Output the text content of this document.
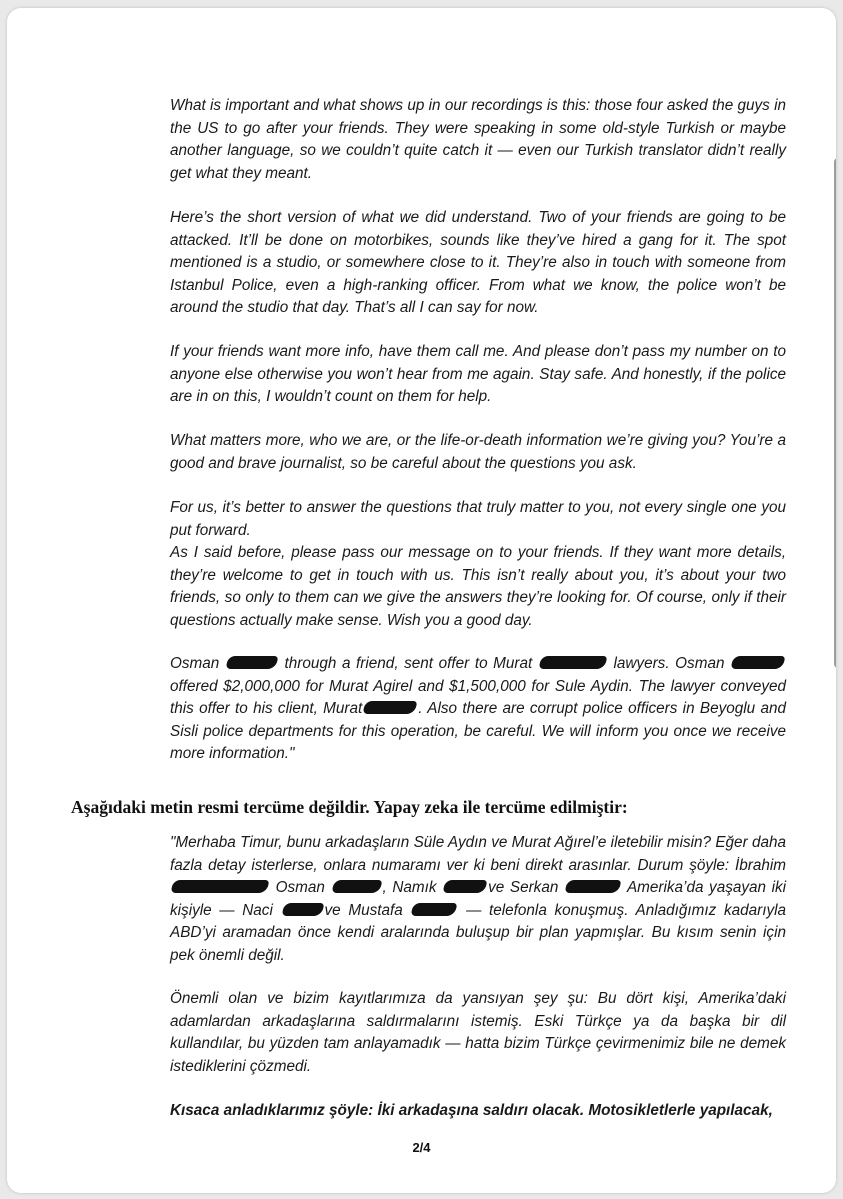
What is important and what shows up in our recordings is this: those four asked the guys in the US to go after your friends. They were speaking in some old-style Turkish or maybe another language, so we couldn’t quite catch it — even our Turkish translator didn’t really get what they meant.

Here’s the short version of what we did understand. Two of your friends are going to be attacked. It’ll be done on motorbikes, sounds like they’ve hired a gang for it. The spot mentioned is a studio, or somewhere close to it. They’re also in touch with someone from Istanbul Police, even a high-ranking officer. From what we know, the police won’t be around the studio that day. That’s all I can say for now.

If your friends want more info, have them call me. And please don’t pass my number on to anyone else otherwise you won’t hear from me again. Stay safe. And honestly, if the police are in on this, I wouldn’t count on them for help.

What matters more, who we are, or the life-or-death information we’re giving you? You’re a good and brave journalist, so be careful about the questions you ask.

For us, it’s better to answer the questions that truly matter to you, not every single one you put forward.

As I said before, please pass our message on to your friends. If they want more details, they’re welcome to get in touch with us. This isn’t really about you, it’s about your two friends, so only to them can we give the answers they’re looking for. Of course, only if their questions actually make sense. Wish you a good day.

Osman	through a friend, sent offer to Murat	lawyers. Osman  offered $2,000,000 for Murat Agirel and $1,500,000 for Sule Aydin. The lawyer conveyed this offer to his client, Murat	. Also there are corrupt police officers in Beyoglu and Sisli police departments for this operation, be careful. We will inform you once we receive more information."

Aşağıdaki metin resmi tercüme değildir. Yapay zeka ile tercüme edilmiştir:

"Merhaba Timur, bunu arkadaşların Süle Aydın ve Murat Ağırel’e iletebilir misin? Eğer daha fazla detay isterlerse, onlara numaramı ver ki beni direkt arasınlar. Durum şöyle: İbrahim  Osman	, Namık	ve Serkan	Amerika’da yaşayan iki kişiyle — Naci	ve Mustafa	— telefonla konuşmuş. Anladığımız kadarıyla ABD’yi aramadan önce kendi aralarında buluşup bir plan yapmışlar. Bu kısım senin için pek önemli değil.

Önemli olan ve bizim kayıtlarımıza da yansıyan şey şu: Bu dört kişi, Amerika’daki adamlardan arkadaşlarına saldırmalarını istemiş. Eski Türkçe ya da başka bir dil kullandılar, bu yüzden tam anlayamadık — hatta bizim Türkçe çevirmenimiz bile ne demek istediklerini çözmedi.

Kısaca anladıklarımız şöyle: İki arkadaşına saldırı olacak. Motosikletlerle yapılacak,

2/4
